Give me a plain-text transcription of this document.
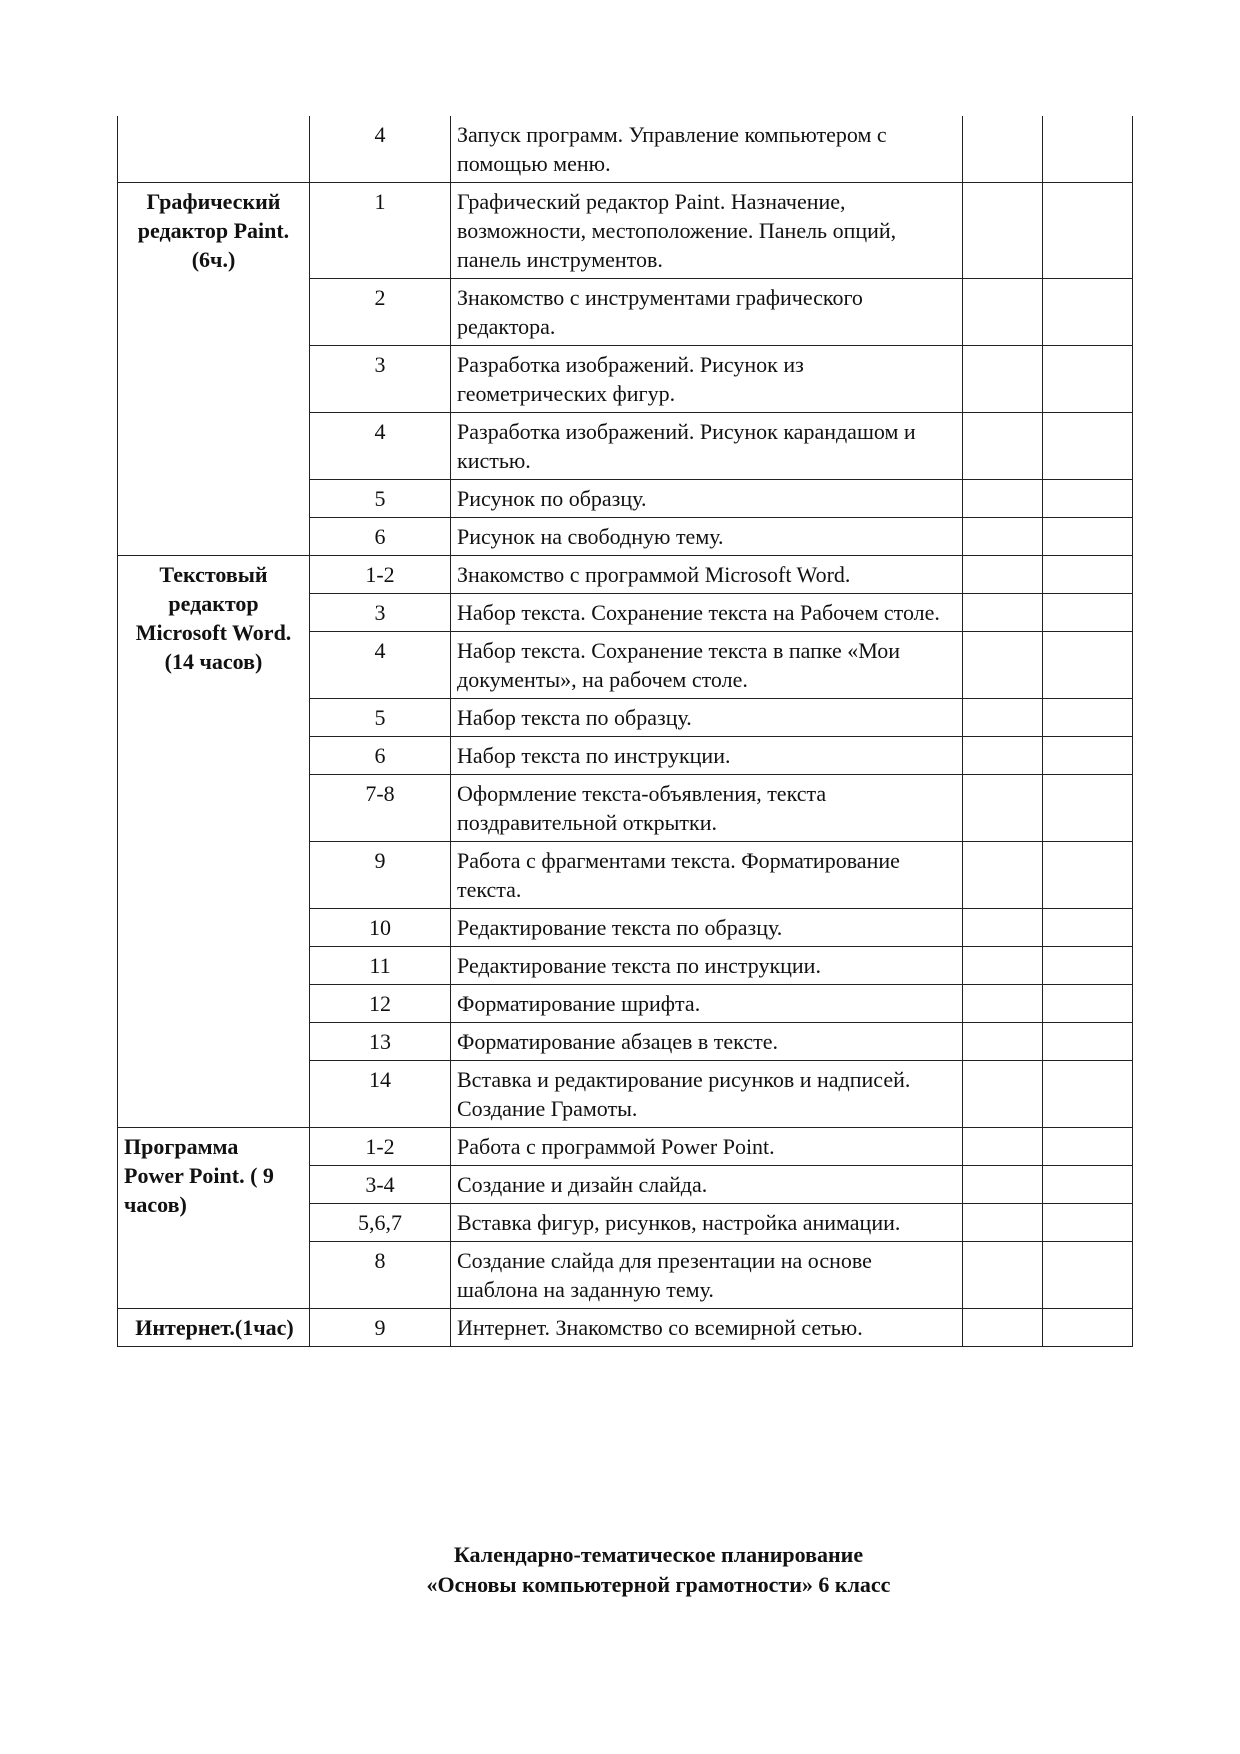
	4	Запуск программ. Управление компьютером с помощью меню.		
Графический редактор Paint. (6ч.)	1	Графический редактор Paint. Назначение, возможности, местоположение. Панель опций, панель инструментов.		
	2	Знакомство с инструментами графического редактора.		
	3	Разработка изображений. Рисунок из геометрических фигур.		
	4	Разработка изображений. Рисунок карандашом и кистью.		
	5	Рисунок по образцу.		
	6	Рисунок на свободную тему.		
Текстовый редактор Microsoft Word. (14 часов)	1-2	Знакомство с программой Microsoft Word.		
	3	Набор текста. Сохранение текста на Рабочем столе.		
	4	Набор текста. Сохранение текста в папке «Мои документы», на рабочем столе.		
	5	Набор текста по образцу.		
	6	Набор текста по инструкции.		
	7-8	Оформление текста-объявления, текста поздравительной открытки.		
	9	Работа с фрагментами текста. Форматирование текста.		
	10	Редактирование текста по образцу.		
	11	Редактирование текста по инструкции.		
	12	Форматирование шрифта.		
	13	Форматирование абзацев в тексте.		
	14	Вставка и редактирование рисунков и надписей. Создание Грамоты.		
Программа Power Point. ( 9 часов)	1-2	Работа с программой Power Point.		
	3-4	Создание и дизайн слайда.		
	5,6,7	Вставка фигур, рисунков, настройка анимации.		
	8	Создание слайда для презентации на основе шаблона на заданную тему.		
Интернет.(1час)	9	Интернет. Знакомство со всемирной сетью.		
Календарно-тематическое планирование
«Основы компьютерной грамотности» 6 класс
